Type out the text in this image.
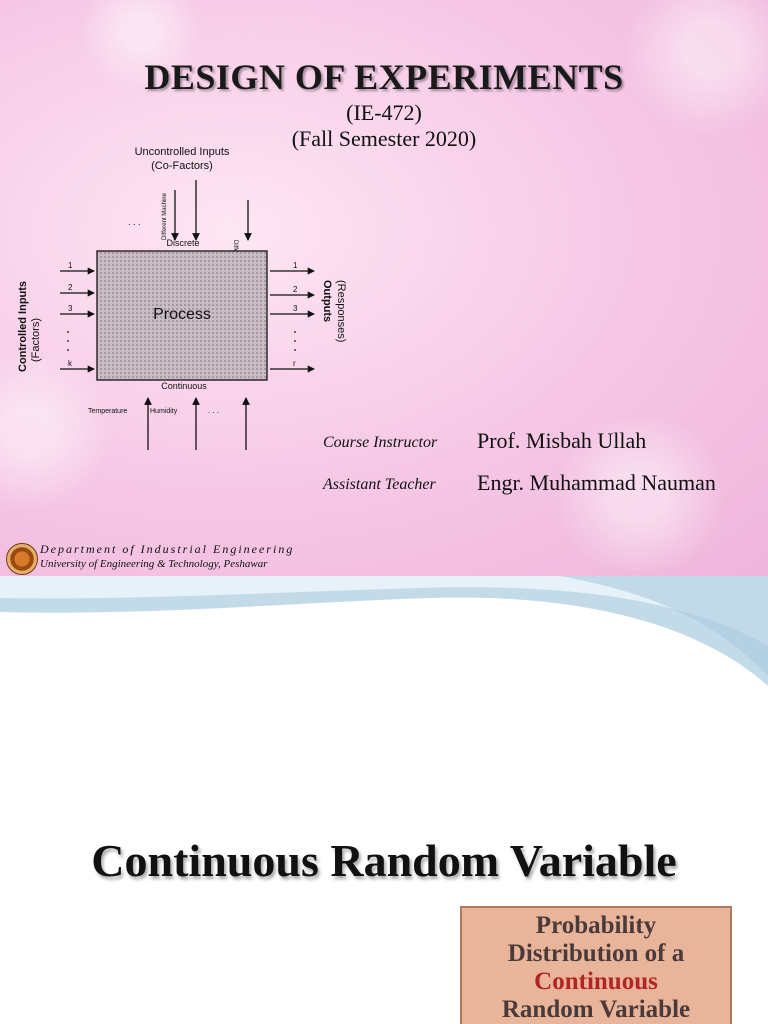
DESIGN OF EXPERIMENTS
(IE-472)
(Fall Semester 2020)
Uncontrolled Inputs
(Co-Factors)
. . .	Different Machine
Discrete
Process
Continuous
Controlled Inputs (Factors)
1
2
3
k
1
2
3
r
Outputs (Responses)
Temperature	Humidity	. . .
Course Instructor Prof. Misbah Ullah
Assistant Teacher Engr. Muhammad Nauman
Department of Industrial Engineering
University of Engineering & Technology, Peshawar
Continuous Random Variable
Probability
Distribution of a
Continuous
Random Variable
